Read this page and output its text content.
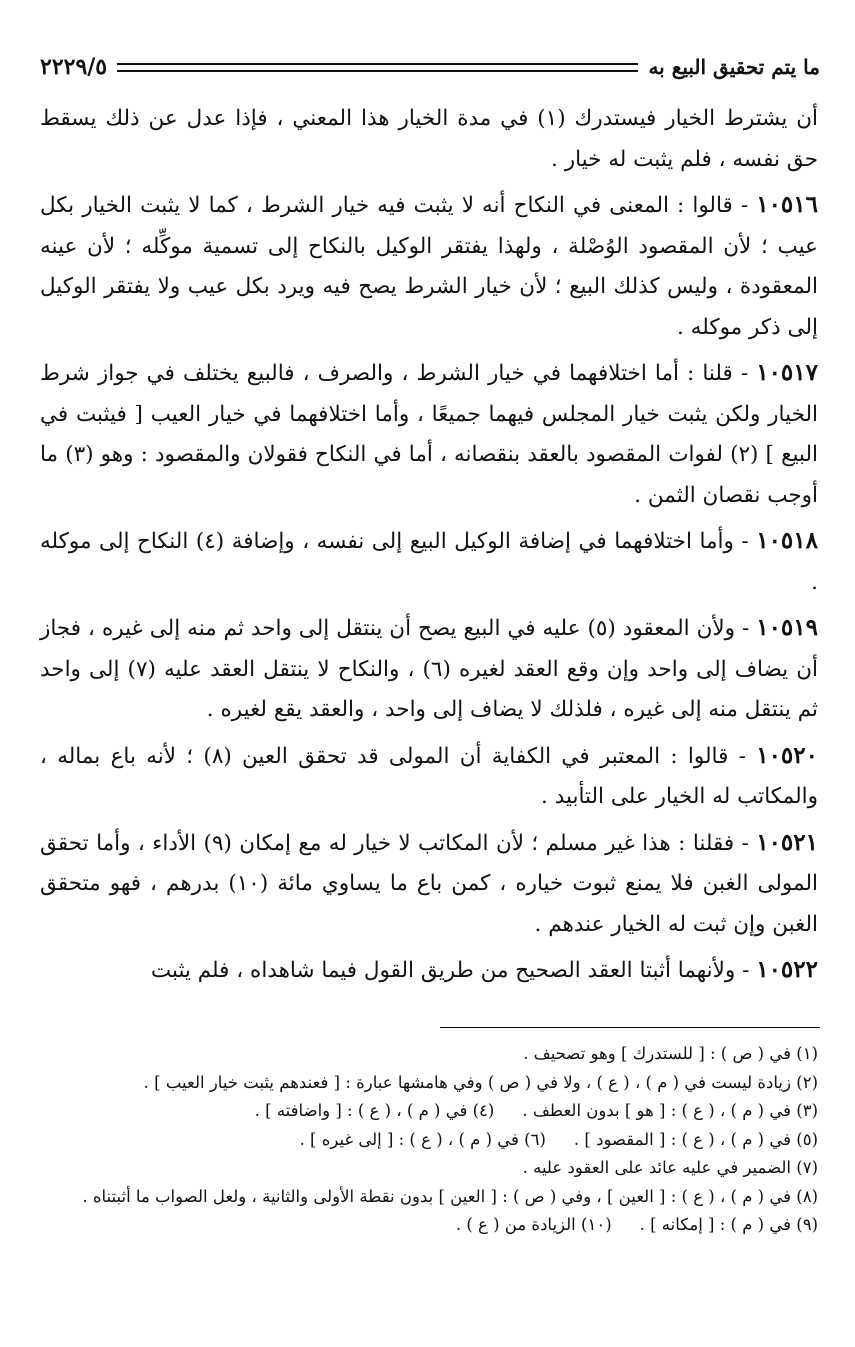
ما يتم تحقيق البيع به
٢٢٢٩/٥

أن يشترط الخيار فيستدرك (١) في مدة الخيار هذا المعني ، فإذا عدل عن ذلك يسقط حق نفسه ، فلم يثبت له خيار .

١٠٥١٦ - قالوا : المعنى في النكاح أنه لا يثبت فيه خيار الشرط ، كما لا يثبت الخيار بكل عيب ؛ لأن المقصود الوُصْلة ، ولهذا يفتقر الوكيل بالنكاح إلى تسمية موكِّله ؛ لأن عينه المعقودة ، وليس كذلك البيع ؛ لأن خيار الشرط يصح فيه ويرد بكل عيب ولا يفتقر الوكيل إلى ذكر موكله .

١٠٥١٧ - قلنا : أما اختلافهما في خيار الشرط ، والصرف ، فالبيع يختلف في جواز شرط الخيار ولكن يثبت خيار المجلس فيهما جميعًا ، وأما اختلافهما في خيار العيب [ فيثبت في البيع ] (٢) لفوات المقصود بالعقد بنقصانه ، أما في النكاح فقولان والمقصود : وهو (٣) ما أوجب نقصان الثمن .

١٠٥١٨ - وأما اختلافهما في إضافة الوكيل البيع إلى نفسه ، وإضافة (٤) النكاح إلى موكله .

١٠٥١٩ - ولأن المعقود (٥) عليه في البيع يصح أن ينتقل إلى واحد ثم منه إلى غيره ، فجاز أن يضاف إلى واحد وإن وقع العقد لغيره (٦) ، والنكاح لا ينتقل العقد عليه (٧) إلى واحد ثم ينتقل منه إلى غيره ، فلذلك لا يضاف إلى واحد ، والعقد يقع لغيره .

١٠٥٢٠ - قالوا : المعتبر في الكفاية أن المولى قد تحقق العين (٨) ؛ لأنه باع بماله ، والمكاتب له الخيار على التأبيد .

١٠٥٢١ - فقلنا : هذا غير مسلم ؛ لأن المكاتب لا خيار له مع إمكان (٩) الأداء ، وأما تحقق المولى الغبن فلا يمنع ثبوت خياره ، كمن باع ما يساوي مائة (١٠) بدرهم ، فهو متحقق الغبن وإن ثبت له الخيار عندهم .

١٠٥٢٢ - ولأنهما أثبتا العقد الصحيح من طريق القول فيما شاهداه ، فلم يثبت

(١) في ( ص ) : [ للستدرك ] وهو تصحيف .
(٢) زيادة ليست في ( م ) ، ( ع ) ، ولا في ( ص ) وفي هامشها عبارة : [ فعندهم يثبت خيار العيب ] .
(٣) في ( م ) ، ( ع ) : [ هو ] بدون العطف .(٤) في ( م ) ، ( ع ) : [ واضافته ] .
(٥) في ( م ) ، ( ع ) : [ المقصود ] .(٦) في ( م ) ، ( ع ) : [ إلى غيره ] .
(٧) الضمير في عليه عائد على العقود عليه .
(٨) في ( م ) ، ( ع ) : [ العين ] ، وفي ( ص ) : [ العين ] بدون نقطة الأولى والثانية ، ولعل الصواب ما أثبتناه .
(٩) في ( م ) : [ إمكانه ] .(١٠) الزيادة من ( ع ) .
